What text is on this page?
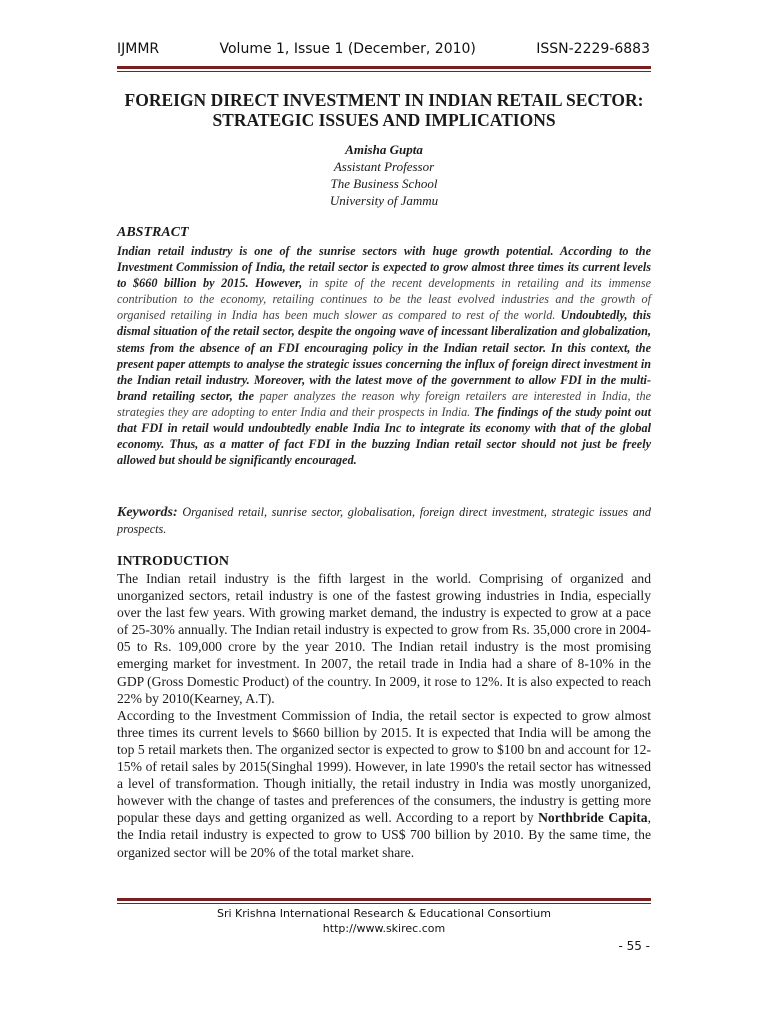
IJMMR	Volume 1, Issue 1 (December, 2010)	ISSN-2229-6883
FOREIGN DIRECT INVESTMENT IN INDIAN RETAIL SECTOR:
STRATEGIC ISSUES AND IMPLICATIONS
Amisha Gupta
Assistant Professor
The Business School
University of Jammu
ABSTRACT
Indian retail industry is one of the sunrise sectors with huge growth potential. According to the Investment Commission of India, the retail sector is expected to grow almost three times its current levels to $660 billion by 2015. However, in spite of the recent developments in retailing and its immense contribution to the economy, retailing continues to be the least evolved industries and the growth of organised retailing in India has been much slower as compared to rest of the world. Undoubtedly, this dismal situation of the retail sector, despite the ongoing wave of incessant liberalization and globalization, stems from the absence of an FDI encouraging policy in the Indian retail sector. In this context, the present paper attempts to analyse the strategic issues concerning the influx of foreign direct investment in the Indian retail industry. Moreover, with the latest move of the government to allow FDI in the multi-brand retailing sector, the paper analyzes the reason why foreign retailers are interested in India, the strategies they are adopting to enter India and their prospects in India. The findings of the study point out that FDI in retail would undoubtedly enable India Inc to integrate its economy with that of the global economy. Thus, as a matter of fact FDI in the buzzing Indian retail sector should not just be freely allowed but should be significantly encouraged.
Keywords: Organised retail, sunrise sector, globalisation, foreign direct investment, strategic issues and prospects.
INTRODUCTION

The Indian retail industry is the fifth largest in the world. Comprising of organized and unorganized sectors, retail industry is one of the fastest growing industries in India, especially over the last few years. With growing market demand, the industry is expected to grow at a pace of 25-30% annually. The Indian retail industry is expected to grow from Rs. 35,000 crore in 2004-05 to Rs. 109,000 crore by the year 2010. The Indian retail industry is the most promising emerging market for investment. In 2007, the retail trade in India had a share of 8-10% in the GDP (Gross Domestic Product) of the country. In 2009, it rose to 12%. It is also expected to reach 22% by 2010(Kearney, A.T).

According to the Investment Commission of India, the retail sector is expected to grow almost three times its current levels to $660 billion by 2015. It is expected that India will be among the top 5 retail markets then. The organized sector is expected to grow to $100 bn and account for 12-15% of retail sales by 2015(Singhal 1999). However, in late 1990's the retail sector has witnessed a level of transformation. Though initially, the retail industry in India was mostly unorganized, however with the change of tastes and preferences of the consumers, the industry is getting more popular these days and getting organized as well. According to a report by Northbride Capita, the India retail industry is expected to grow to US$ 700 billion by 2010. By the same time, the organized sector will be 20% of the total market share.

Sri Krishna International Research & Educational Consortium
http://www.skirec.com
- 55 -
